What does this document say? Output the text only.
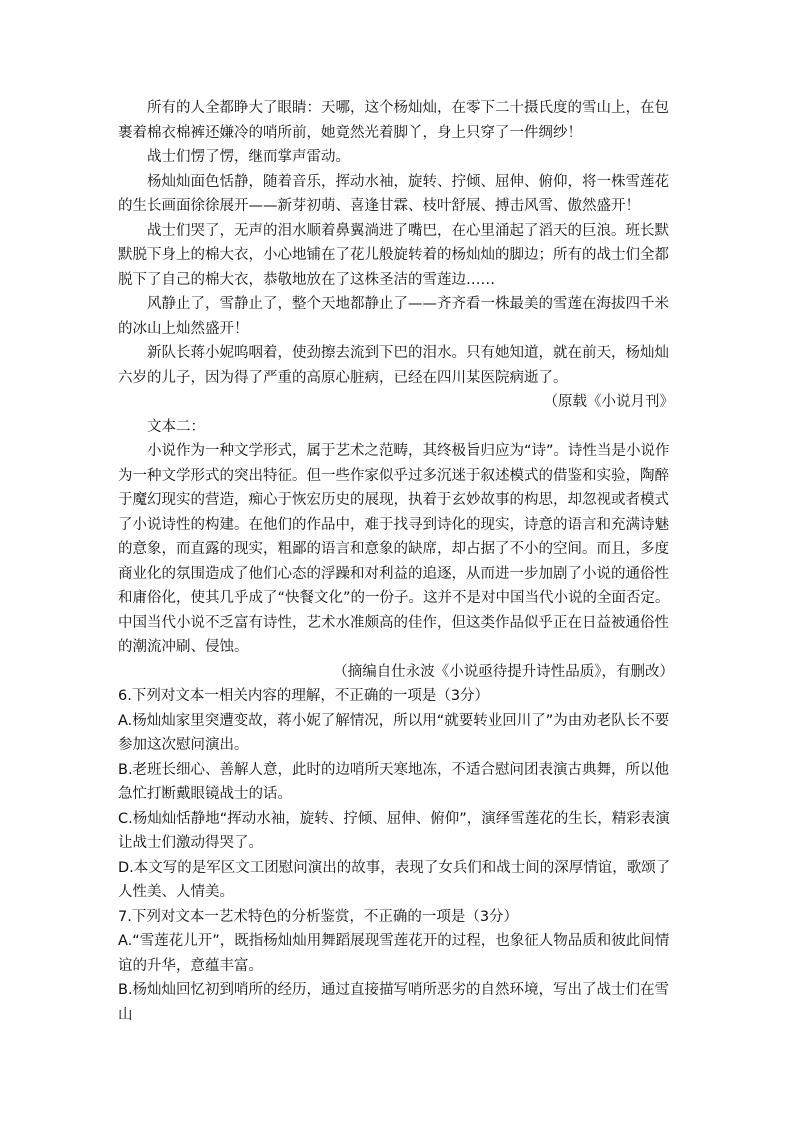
所有的人全都睁大了眼睛：天哪，这个杨灿灿，在零下二十摄氏度的雪山上，在包裹着棉衣棉裤还嫌冷的哨所前，她竟然光着脚丫，身上只穿了一件绸纱！

战士们愣了愣，继而掌声雷动。

杨灿灿面色恬静，随着音乐，挥动水袖，旋转、拧倾、屈伸、俯仰，将一株雪莲花的生长画面徐徐展开——新芽初萌、喜逢甘霖、枝叶舒展、搏击风雪、傲然盛开！

战士们哭了，无声的泪水顺着鼻翼淌进了嘴巴，在心里涌起了滔天的巨浪。班长默默脱下身上的棉大衣，小心地铺在了花儿般旋转着的杨灿灿的脚边；所有的战士们全都脱下了自己的棉大衣，恭敬地放在了这株圣洁的雪莲边……

风静止了，雪静止了，整个天地都静止了——齐齐看一株最美的雪莲在海拔四千米的冰山上灿然盛开！

新队长蒋小妮呜咽着，使劲擦去流到下巴的泪水。只有她知道，就在前天，杨灿灿六岁的儿子，因为得了严重的高原心脏病，已经在四川某医院病逝了。

（原载《小说月刊》

文本二：

小说作为一种文学形式，属于艺术之范畴，其终极旨归应为“诗”。诗性当是小说作为一种文学形式的突出特征。但一些作家似乎过多沉迷于叙述模式的借鉴和实验，陶醉于魔幻现实的营造，痴心于恢宏历史的展现，执着于玄妙故事的构思，却忽视或者模式了小说诗性的构建。在他们的作品中，难于找寻到诗化的现实，诗意的语言和充满诗魅的意象，而直露的现实，粗鄙的语言和意象的缺席，却占据了不小的空间。而且，多度商业化的氛围造成了他们心态的浮躁和对利益的追逐，从而进一步加剧了小说的通俗性和庸俗化，使其几乎成了“快餐文化”的一份子。这并不是对中国当代小说的全面否定。中国当代小说不乏富有诗性，艺术水准颇高的佳作，但这类作品似乎正在日益被通俗性的潮流冲刷、侵蚀。

（摘编自仕永波《小说亟待提升诗性品质》，有删改）

6.下列对文本一相关内容的理解，不正确的一项是（3分）

A.杨灿灿家里突遭变故，蒋小妮了解情况，所以用“就要转业回川了”为由劝老队长不要参加这次慰问演出。

B.老班长细心、善解人意，此时的边哨所天寒地冻，不适合慰问团表演古典舞，所以他急忙打断戴眼镜战士的话。

C.杨灿灿恬静地“挥动水袖，旋转、拧倾、屈伸、俯仰”，演绎雪莲花的生长，精彩表演让战士们激动得哭了。

D.本文写的是军区文工团慰问演出的故事，表现了女兵们和战士间的深厚情谊，歌颂了人性美、人情美。

7.下列对文本一艺术特色的分析鉴赏，不正确的一项是（3分）

A.“雪莲花儿开”，既指杨灿灿用舞蹈展现雪莲花开的过程，也象征人物品质和彼此间情谊的升华，意蕴丰富。

B.杨灿灿回忆初到哨所的经历，通过直接描写哨所恶劣的自然环境，写出了战士们在雪山
